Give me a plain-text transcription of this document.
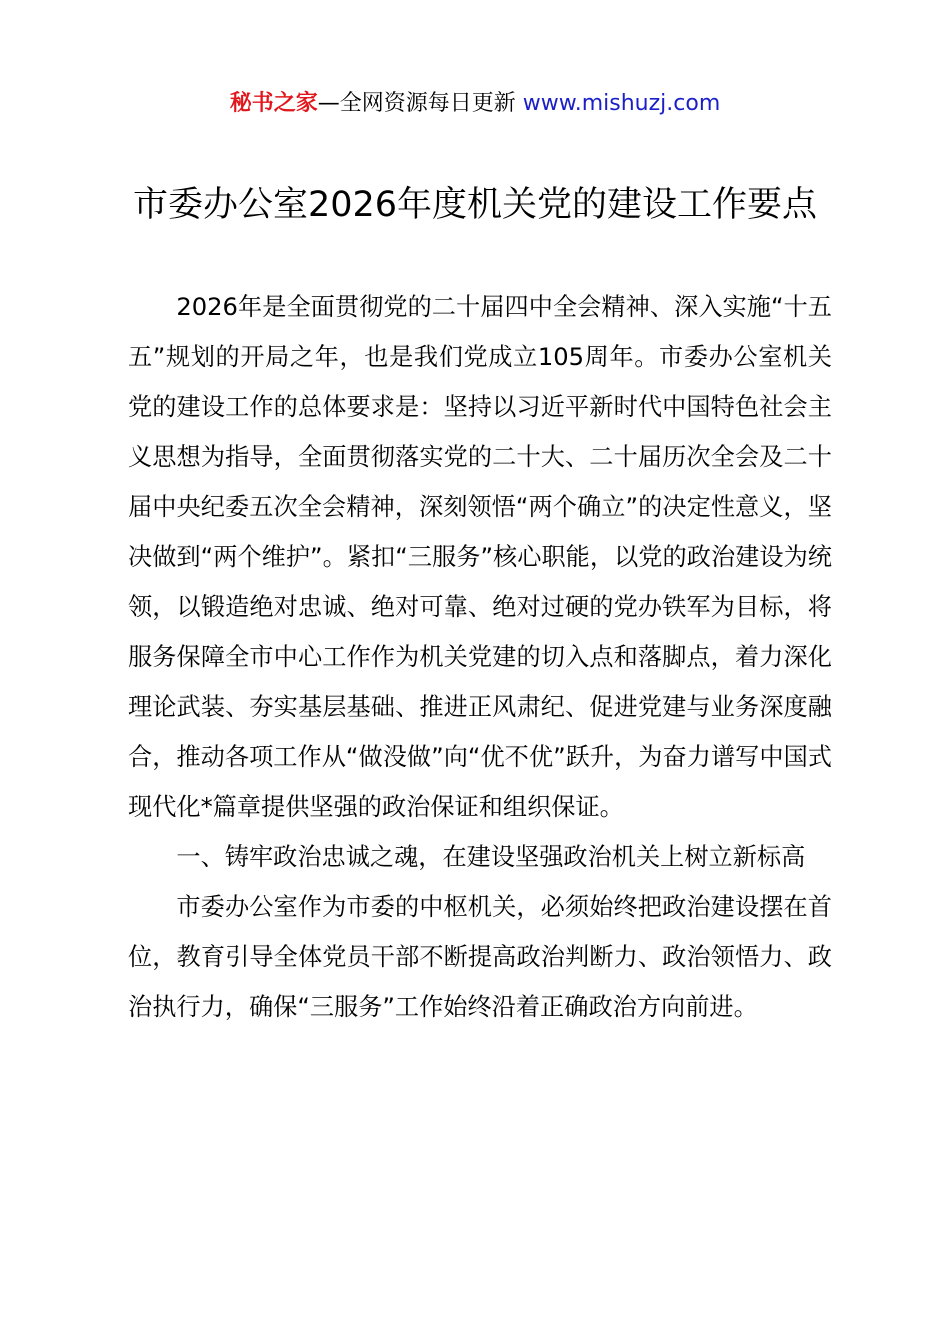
秘书之家—全网资源每日更新 www.mishuzj.com
市委办公室2026年度机关党的建设工作要点

2026年是全面贯彻党的二十届四中全会精神、深入实施“十五五”规划的开局之年，也是我们党成立105周年。市委办公室机关党的建设工作的总体要求是：坚持以习近平新时代中国特色社会主义思想为指导，全面贯彻落实党的二十大、二十届历次全会及二十届中央纪委五次全会精神，深刻领悟“两个确立”的决定性意义，坚决做到“两个维护”。紧扣“三服务”核心职能，以党的政治建设为统领，以锻造绝对忠诚、绝对可靠、绝对过硬的党办铁军为目标，将服务保障全市中心工作作为机关党建的切入点和落脚点，着力深化理论武装、夯实基层基础、推进正风肃纪、促进党建与业务深度融合，推动各项工作从“做没做”向“优不优”跃升，为奋力谱写中国式现代化*篇章提供坚强的政治保证和组织保证。

一、铸牢政治忠诚之魂，在建设坚强政治机关上树立新标高

市委办公室作为市委的中枢机关，必须始终把政治建设摆在首位，教育引导全体党员干部不断提高政治判断力、政治领悟力、政治执行力，确保“三服务”工作始终沿着正确政治方向前进。
